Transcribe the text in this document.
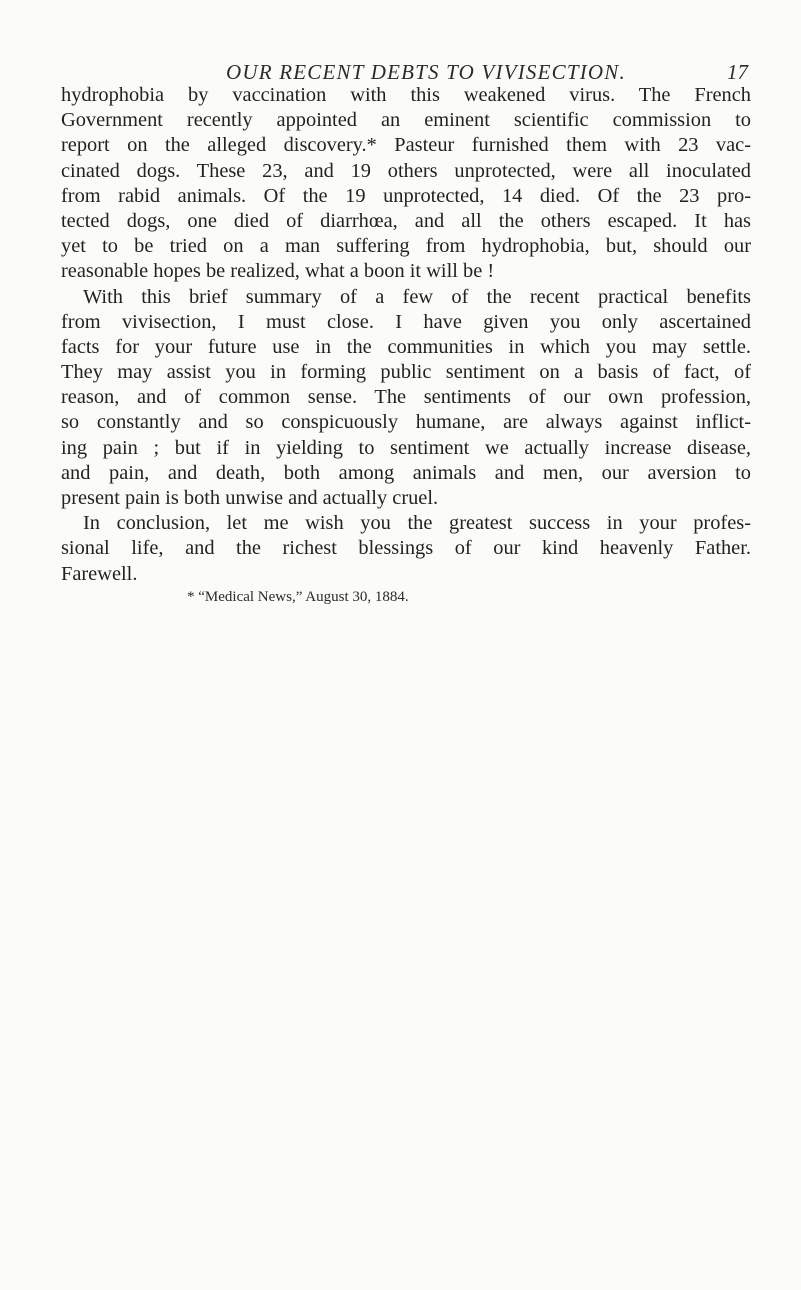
OUR RECENT DEBTS TO VIVISECTION.	17
hydrophobia by vaccination with this weakened virus. The French
Government recently appointed an eminent scientific commission to
report on the alleged discovery.* Pasteur furnished them with 23 vac-
cinated dogs. These 23, and 19 others unprotected, were all inoculated
from rabid animals. Of the 19 unprotected, 14 died. Of the 23 pro-
tected dogs, one died of diarrhœa, and all the others escaped. It has
yet to be tried on a man suffering from hydrophobia, but, should our
reasonable hopes be realized, what a boon it will be !
With this brief summary of a few of the recent practical benefits
from vivisection, I must close. I have given you only ascertained
facts for your future use in the communities in which you may settle.
They may assist you in forming public sentiment on a basis of fact, of
reason, and of common sense. The sentiments of our own profession,
so constantly and so conspicuously humane, are always against inflict-
ing pain ; but if in yielding to sentiment we actually increase disease,
and pain, and death, both among animals and men, our aversion to
present pain is both unwise and actually cruel.
In conclusion, let me wish you the greatest success in your profes-
sional life, and the richest blessings of our kind heavenly Father.
Farewell.
* “Medical News,” August 30, 1884.
